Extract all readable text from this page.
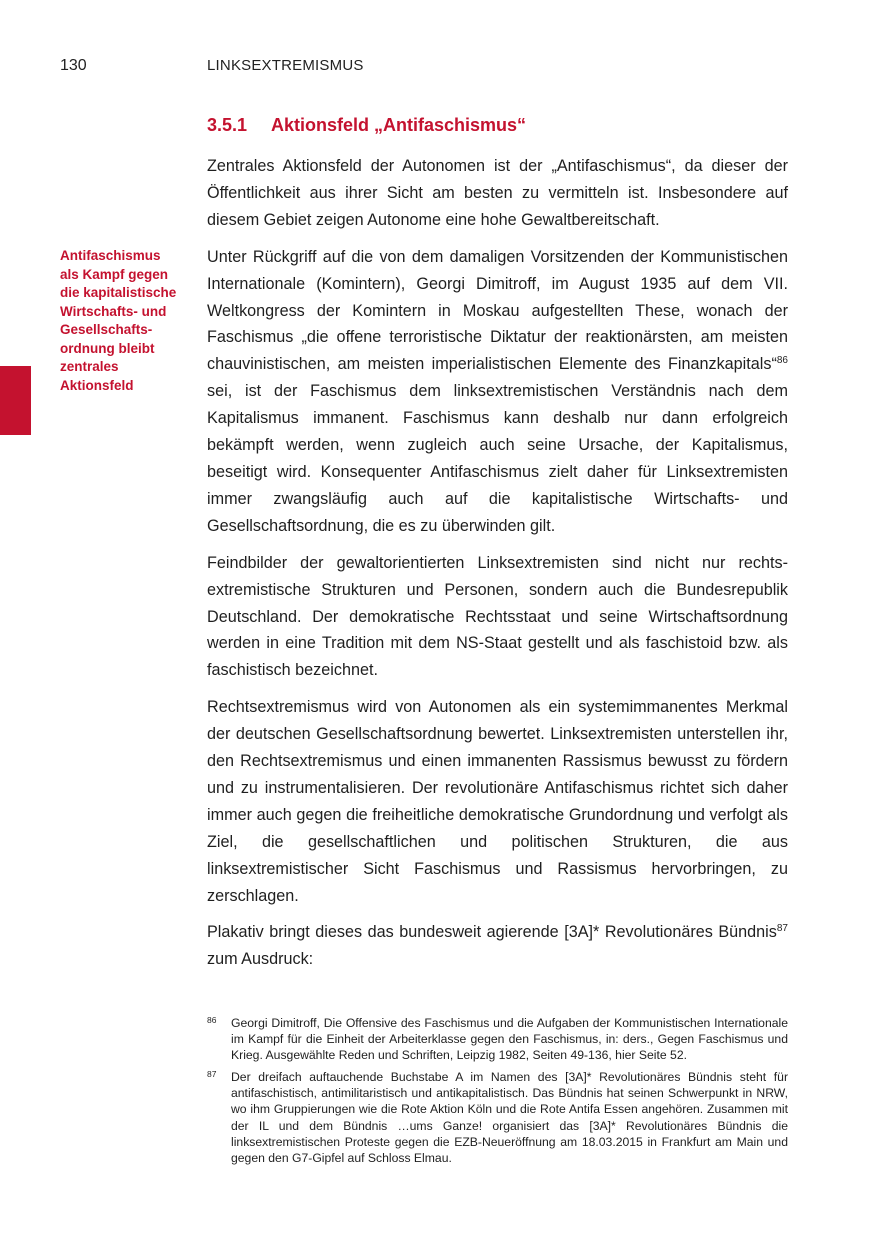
130	LINKSEXTREMISMUS
3.5.1 Aktionsfeld „Antifaschismus“
Antifaschismus
als Kampf gegen
die kapitalistische
Wirtschafts- und
Gesellschafts-
ordnung bleibt
zentrales
Aktionsfeld

Zentrales Aktionsfeld der Autonomen ist der „Antifaschismus“, da dieser der Öffentlichkeit aus ihrer Sicht am besten zu vermitteln ist. Insbesondere auf diesem Gebiet zeigen Autonome eine hohe Gewaltbereitschaft.

Unter Rückgriff auf die von dem damaligen Vorsitzenden der Kommunistischen Internationale (Komintern), Georgi Dimitroff, im August 1935 auf dem VII. Weltkongress der Komintern in Moskau aufgestellten These, wonach der Faschismus „die offene terroristische Diktatur der reaktionärsten, am meisten chauvinistischen, am meisten imperialistischen Elemente des Finanzkapitals“$^{86}$ sei, ist der Faschismus dem linksextremistischen Verständnis nach dem Kapitalismus immanent. Faschismus kann deshalb nur dann erfolgreich bekämpft werden, wenn zugleich auch seine Ursache, der Kapitalismus, beseitigt wird. Konsequenter Antifaschismus zielt daher für Linksextremisten immer zwangsläufig auch auf die kapitalistische Wirtschafts- und Gesellschaftsordnung, die es zu überwinden gilt.

Feindbilder der gewaltorientierten Linksextremisten sind nicht nur rechtsextremistische Strukturen und Personen, sondern auch die Bundesrepublik Deutschland. Der demokratische Rechtsstaat und seine Wirtschaftsordnung werden in eine Tradition mit dem NS-Staat gestellt und als faschistoid bzw. als faschistisch bezeichnet.

Rechtsextremismus wird von Autonomen als ein systemimmanentes Merkmal der deutschen Gesellschaftsordnung bewertet. Linksextremisten unterstellen ihr, den Rechtsextremismus und einen immanenten Rassismus bewusst zu fördern und zu instrumentalisieren. Der revolutionäre Antifaschismus richtet sich daher immer auch gegen die freiheitliche demokratische Grundordnung und verfolgt als Ziel, die gesellschaftlichen und politischen Strukturen, die aus linksextremistischer Sicht Faschismus und Rassismus hervorbringen, zu zerschlagen.

Plakativ bringt dieses das bundesweit agierende [3A]* Revolutionäres Bündnis$^{87}$ zum Ausdruck:

86 Georgi Dimitroff, Die Offensive des Faschismus und die Aufgaben der Kommunistischen Internationale im Kampf für die Einheit der Arbeiterklasse gegen den Faschismus, in: ders., Gegen Faschismus und Krieg. Ausgewählte Reden und Schriften, Leipzig 1982, Seiten 49-136, hier Seite 52.
87 Der dreifach auftauchende Buchstabe A im Namen des [3A]* Revolutionäres Bündnis steht für antifaschistisch, antimilitaristisch und antikapitalistisch. Das Bündnis hat seinen Schwerpunkt in NRW, wo ihm Gruppierungen wie die Rote Aktion Köln und die Rote Antifa Essen angehören. Zusammen mit der IL und dem Bündnis …ums Ganze! organisiert das [3A]* Revolutionäres Bündnis die linksextremistischen Proteste gegen die EZB-Neueröffnung am 18.03.2015 in Frankfurt am Main und gegen den G7-Gipfel auf Schloss Elmau.
